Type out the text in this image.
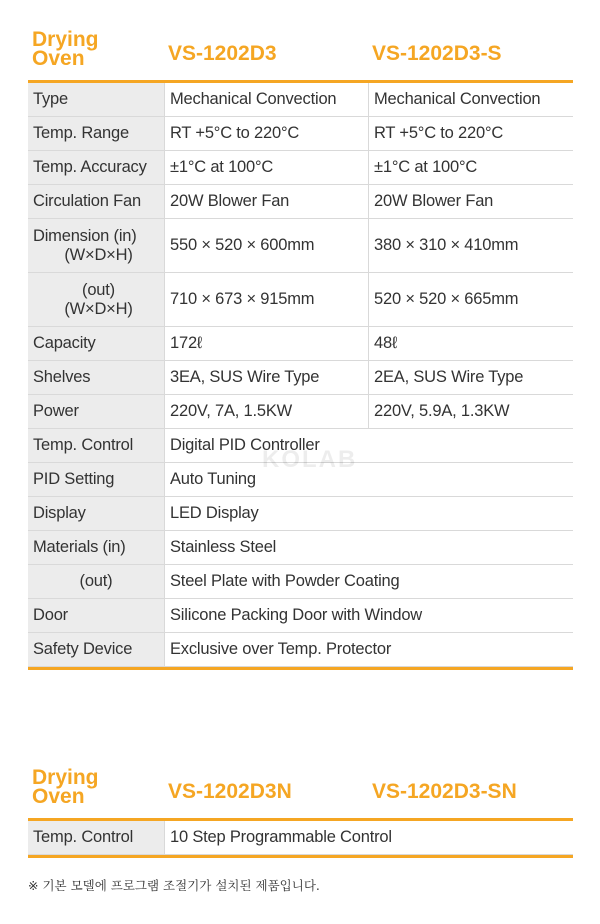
Drying
Oven	VS-1202D3	VS-1202D3-S
Type	Mechanical Convection	Mechanical Convection
Temp. Range	RT +5°C to 220°C	RT +5°C to 220°C
Temp. Accuracy	±1°C at 100°C	±1°C at 100°C
Circulation Fan	20W Blower Fan	20W Blower Fan

Dimension (in)
(W×D×H)	550 × 520 × 600mm	380 × 310 × 410mm

(out)
(W×D×H)	710 × 673 × 915mm	520 × 520 × 665mm
Capacity	172ℓ	48ℓ
Shelves	3EA, SUS Wire Type	2EA, SUS Wire Type
Power	220V, 7A, 1.5KW	220V, 5.9A, 1.3KW
Temp. Control	Digital PID Controller	
PID Setting	Auto Tuning	
Display	LED Display	
Materials (in)	Stainless Steel	
(out)	Steel Plate with Powder Coating	
Door	Silicone Packing Door with Window	
Safety Device	Exclusive over Temp. Protector	
KOLAB
Drying
Oven	VS-1202D3N	VS-1202D3-SN
Temp. Control	10 Step Programmable Control
※ 기본 모델에 프로그램 조절기가 설치된 제품입니다.
